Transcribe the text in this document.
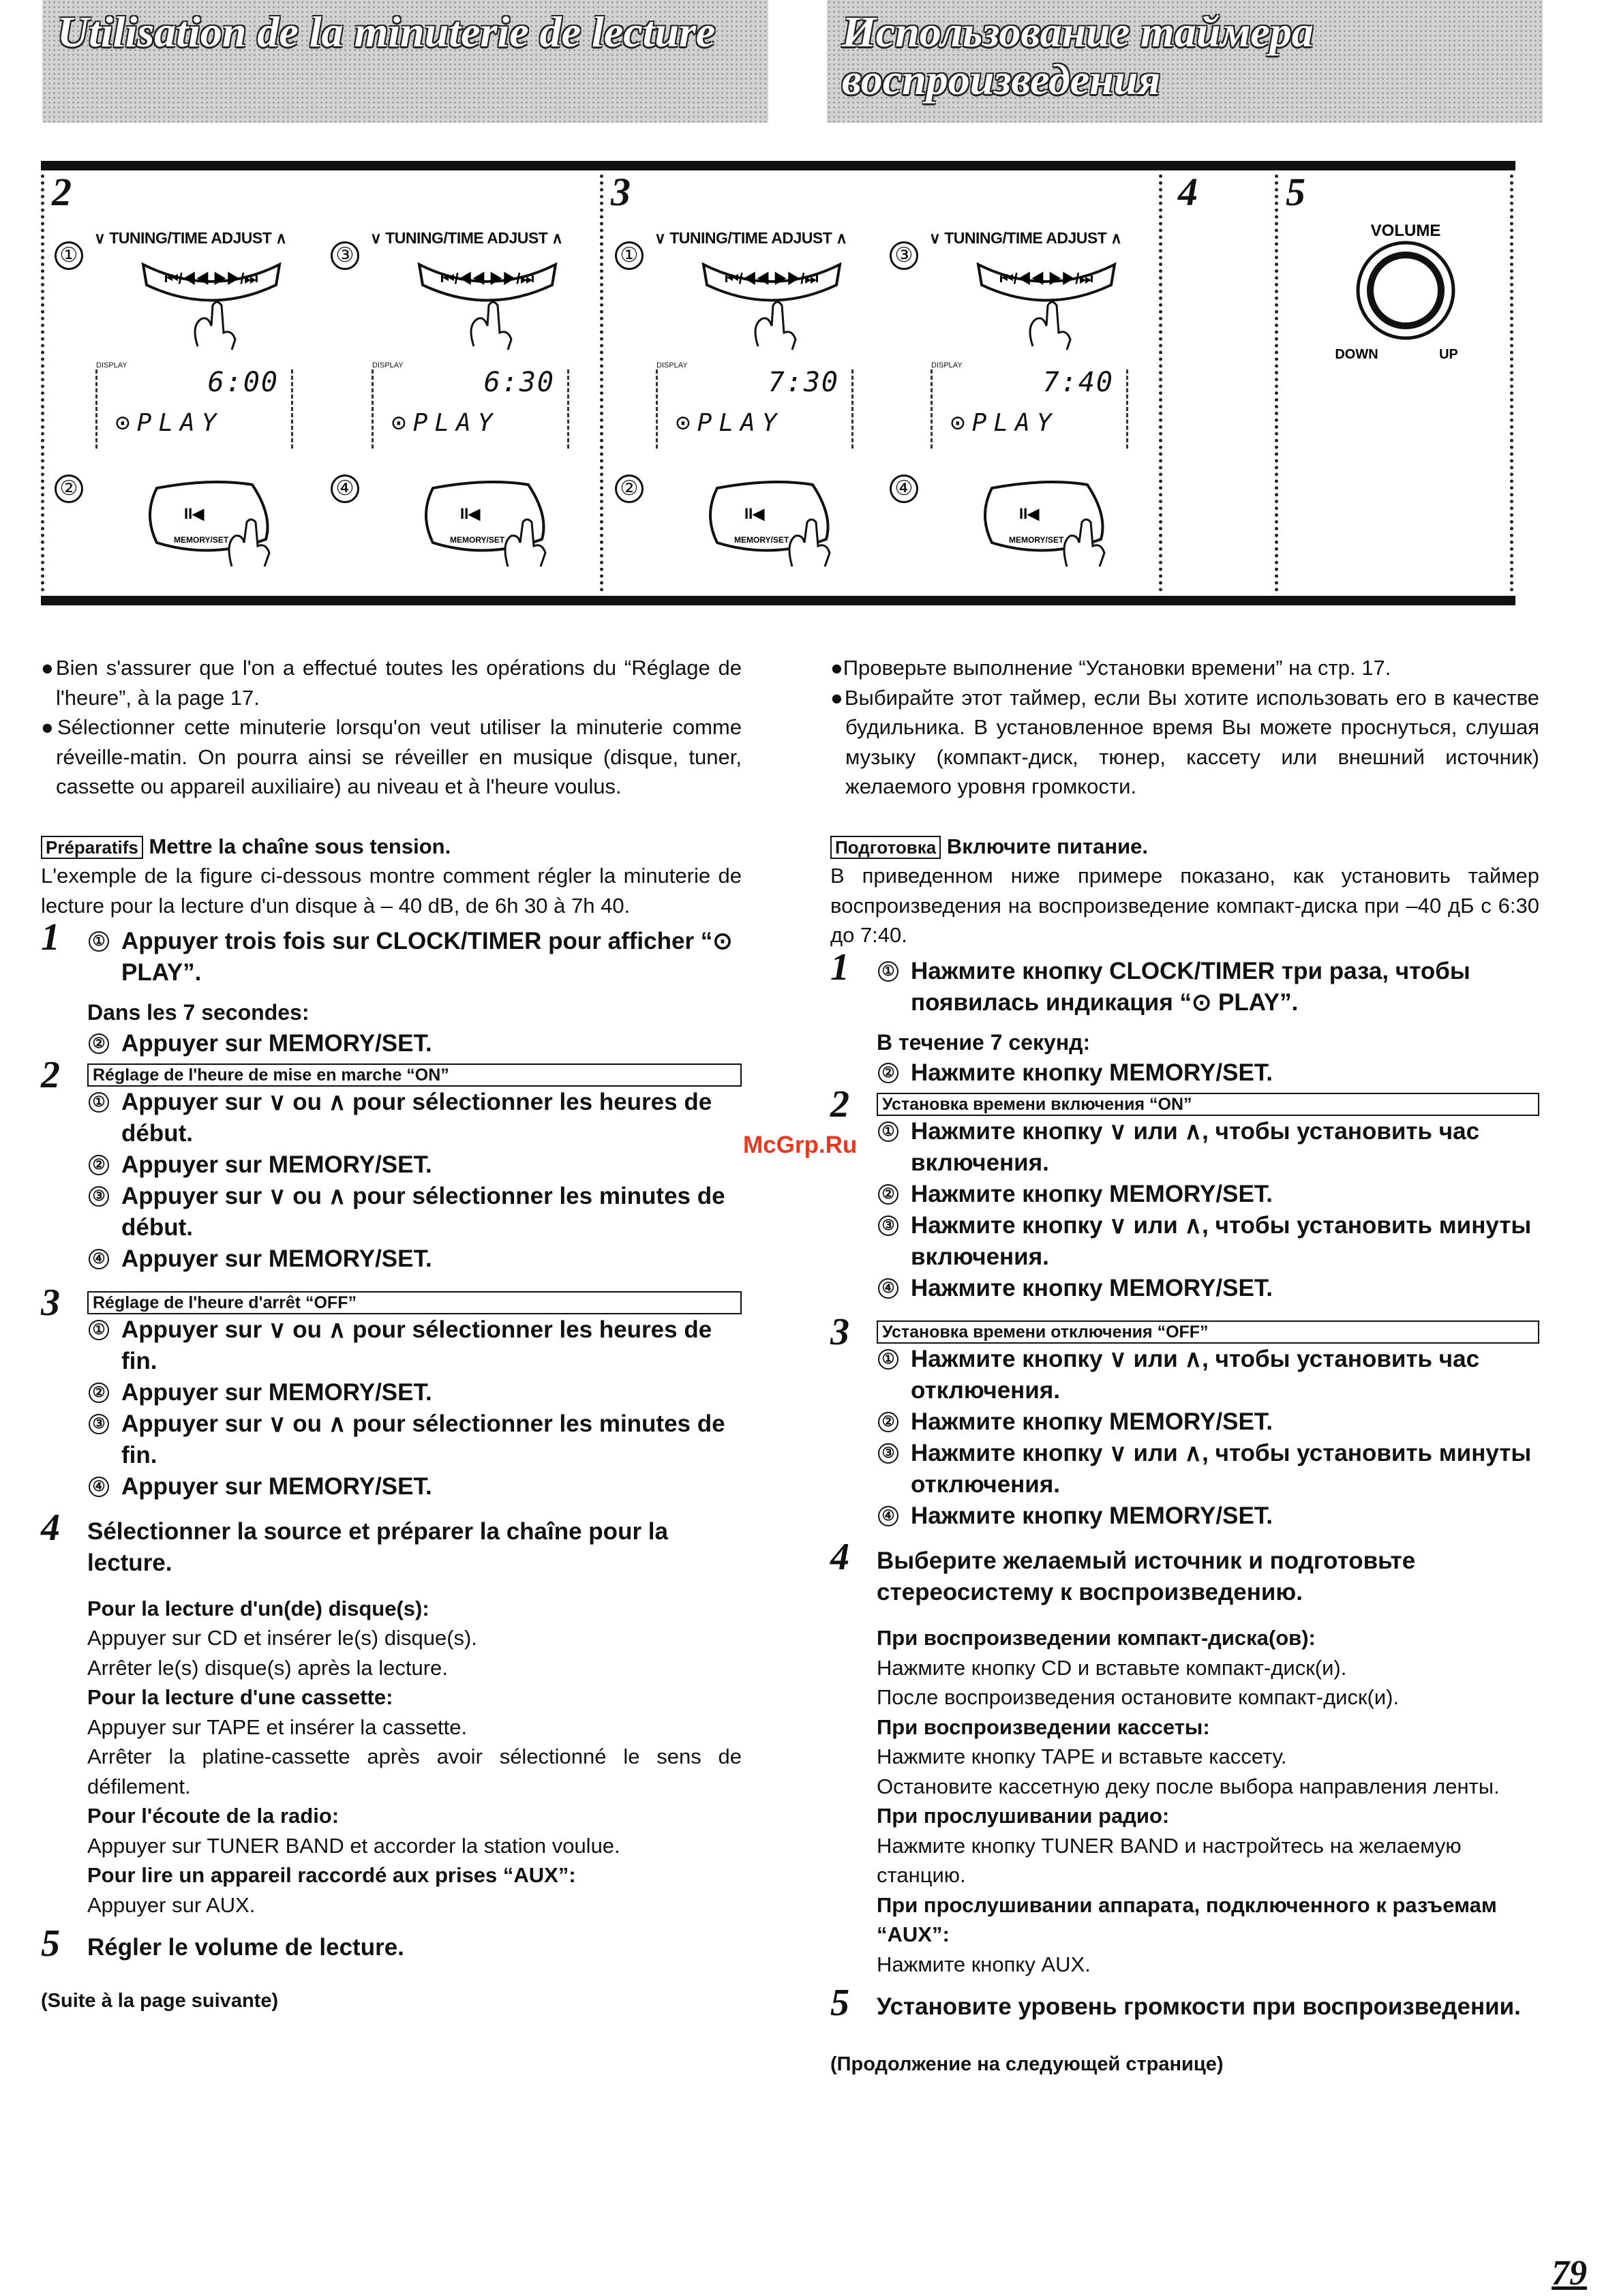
Utilisation de la minuterie de lecture	Использование таймера воспроизведения
2	3	4 5
①
∨ TUNING/TIME ADJUST ∧
⏮/◀◀ ▶▶/⏭
DISPLAY
6:00
⊙PLAY
②
II◀
MEMORY/SET
③
∨ TUNING/TIME ADJUST ∧
⏮/◀◀ ▶▶/⏭
DISPLAY
6:30
⊙PLAY
④
II◀
MEMORY/SET
①
∨ TUNING/TIME ADJUST ∧
⏮/◀◀ ▶▶/⏭
DISPLAY
7:30
⊙PLAY
②
II◀
MEMORY/SET
③
∨ TUNING/TIME ADJUST ∧
⏮/◀◀ ▶▶/⏭
DISPLAY
7:40
⊙PLAY
④
II◀
MEMORY/SET
VOLUME
DOWN	UP

●Bien s'assurer que l'on a effectué toutes les opérations du “Réglage de l'heure”, à la page 17.

●Sélectionner cette minuterie lorsqu'on veut utiliser la minuterie comme réveille-matin. On pourra ainsi se réveiller en musique (disque, tuner, cassette ou appareil auxiliaire) au niveau et à l'heure voulus.

Préparatifs Mettre la chaîne sous tension.

L'exemple de la figure ci-dessous montre comment régler la minuterie de lecture pour la lecture d'un disque à – 40 dB, de 6h 30 à 7h 40.

1 ① Appuyer trois fois sur CLOCK/TIMER pour afficher “⊙ PLAY”.
Dans les 7 secondes:
② Appuyer sur MEMORY/SET.
2	Réglage de l'heure de mise en marche “ON”
① Appuyer sur ∨ ou ∧ pour sélectionner les heures de début.
② Appuyer sur MEMORY/SET.
③ Appuyer sur ∨ ou ∧ pour sélectionner les minutes de début.
④ Appuyer sur MEMORY/SET.
3	Réglage de l'heure d'arrêt “OFF”
① Appuyer sur ∨ ou ∧ pour sélectionner les heures de fin.
② Appuyer sur MEMORY/SET.
③ Appuyer sur ∨ ou ∧ pour sélectionner les minutes de fin.
④ Appuyer sur MEMORY/SET.
4 Sélectionner la source et préparer la chaîne pour la lecture.
Pour la lecture d'un(de) disque(s):
Appuyer sur CD et insérer le(s) disque(s).
Arrêter le(s) disque(s) après la lecture.
Pour la lecture d'une cassette:
Appuyer sur TAPE et insérer la cassette.
Arrêter la platine-cassette après avoir sélectionné le sens de défilement.
Pour l'écoute de la radio:
Appuyer sur TUNER BAND et accorder la station voulue.
Pour lire un appareil raccordé aux prises “AUX”:
Appuyer sur AUX.
5 Régler le volume de lecture.

(Suite à la page suivante)

●Проверьте выполнение “Установки времени” на стр. 17.

●Выбирайте этот таймер, если Вы хотите использовать его в качестве будильника. В установленное время Вы можете проснуться, слушая музыку (компакт-диск, тюнер, кассету или внешний источник) желаемого уровня громкости.

Подготовка Включите питание.

В приведенном ниже примере показано, как установить таймер воспроизведения на воспроизведение компакт-диска при –40 дБ с 6:30 до 7:40.

1 ① Нажмите кнопку CLOCK/TIMER три раза, чтобы появилась индикация “⊙ PLAY”.
В течение 7 секунд:
② Нажмите кнопку MEMORY/SET.
2	Установка времени включения “ON”
① Нажмите кнопку ∨ или ∧, чтобы установить час включения.
② Нажмите кнопку MEMORY/SET.
③ Нажмите кнопку ∨ или ∧, чтобы установить минуты включения.
④ Нажмите кнопку MEMORY/SET.
3	Установка времени отключения “OFF”
① Нажмите кнопку ∨ или ∧, чтобы установить час отключения.
② Нажмите кнопку MEMORY/SET.
③ Нажмите кнопку ∨ или ∧, чтобы установить минуты отключения.
④ Нажмите кнопку MEMORY/SET.
4 Выберите желаемый источник и подготовьте стереосистему к воспроизведению.
При воспроизведении компакт-диска(ов):
Нажмите кнопку CD и вставьте компакт-диск(и).
После воспроизведения остановите компакт-диск(и).
При воспроизведении кассеты:
Нажмите кнопку TAPE и вставьте кассету.
Остановите кассетную деку после выбора направления ленты.
При прослушивании радио:
Нажмите кнопку TUNER BAND и настройтесь на желаемую станцию.
При прослушивании аппарата, подключенного к разъемам “AUX”:
Нажмите кнопку AUX.
5 Установите уровень громкости при воспроизведении.

(Продолжение на следующей странице)

McGrp.Ru
79
